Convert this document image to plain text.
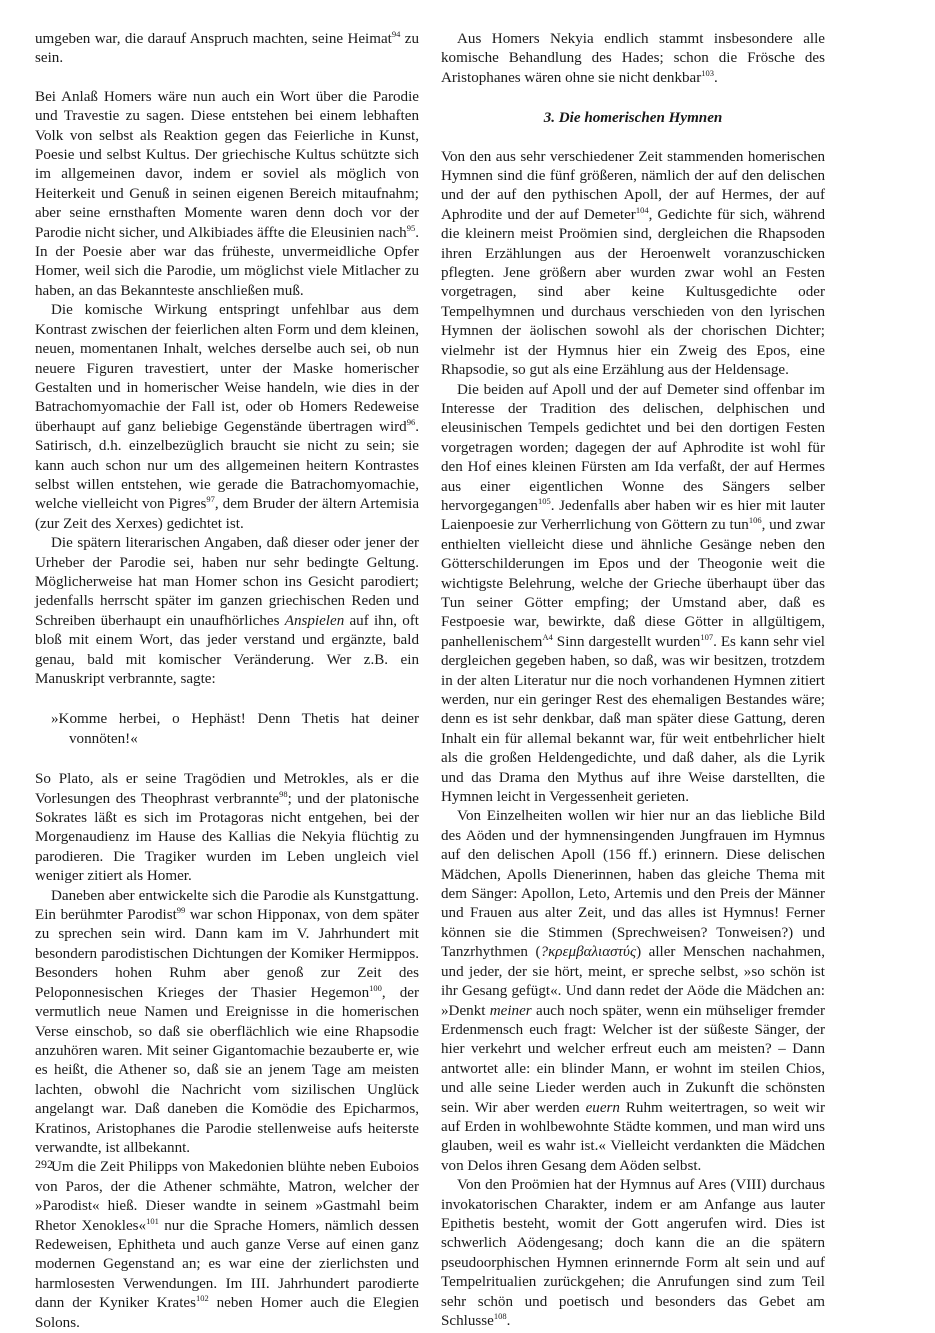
umgeben war, die darauf Anspruch machten, seine Heimat$^{94}$ zu sein.

Bei Anlaß Homers wäre nun auch ein Wort über die Parodie und Travestie zu sagen. Diese entstehen bei einem lebhaften Volk von selbst als Reaktion gegen das Feierliche in Kunst, Poesie und selbst Kultus. Der griechische Kultus schützte sich im allgemeinen davor, indem er soviel als möglich von Heiterkeit und Genuß in seinen eigenen Bereich mitaufnahm; aber seine ernsthaften Momente waren denn doch vor der Parodie nicht sicher, und Alkibiades äffte die Eleusinien nach$^{95}$. In der Poesie aber war das früheste, unvermeidliche Opfer Homer, weil sich die Parodie, um möglichst viele Mitlacher zu haben, an das Bekannteste anschließen muß.

Die komische Wirkung entspringt unfehlbar aus dem Kontrast zwischen der feierlichen alten Form und dem kleinen, neuen, momentanen Inhalt, welches derselbe auch sei, ob nun neuere Figuren travestiert, unter der Maske homerischer Gestalten und in homerischer Weise handeln, wie dies in der Batrachomyomachie der Fall ist, oder ob Homers Redeweise überhaupt auf ganz beliebige Gegenstände übertragen wird$^{96}$. Satirisch, d.h. einzelbezüglich braucht sie nicht zu sein; sie kann auch schon nur um des allgemeinen heitern Kontrastes selbst willen entstehen, wie gerade die Batrachomyomachie, welche vielleicht von Pigres$^{97}$, dem Bruder der ältern Artemisia (zur Zeit des Xerxes) gedichtet ist.

Die spätern literarischen Angaben, daß dieser oder jener der Urheber der Parodie sei, haben nur sehr bedingte Geltung. Möglicherweise hat man Homer schon ins Gesicht parodiert; jedenfalls herrscht später im ganzen griechischen Reden und Schreiben überhaupt ein unaufhörliches Anspielen auf ihn, oft bloß mit einem Wort, das jeder verstand und ergänzte, bald genau, bald mit komischer Veränderung. Wer z.B. ein Manuskript verbrannte, sagte:

»Komme herbei, o Hephäst! Denn Thetis hat deiner vonnöten!«

So Plato, als er seine Tragödien und Metrokles, als er die Vorlesungen des Theophrast verbrannte$^{98}$; und der platonische Sokrates läßt es sich im Protagoras nicht entgehen, bei der Morgenaudienz im Hause des Kallias die Nekyia flüchtig zu parodieren. Die Tragiker wurden im Leben ungleich viel weniger zitiert als Homer.

Daneben aber entwickelte sich die Parodie als Kunstgattung. Ein berühmter Parodist$^{99}$ war schon Hipponax, von dem später zu sprechen sein wird. Dann kam im V. Jahrhundert mit besondern parodistischen Dichtungen der Komiker Hermippos. Besonders hohen Ruhm aber genoß zur Zeit des Peloponnesischen Krieges der Thasier Hegemon$^{100}$, der vermutlich neue Namen und Ereignisse in die homerischen Verse einschob, so daß sie oberflächlich wie eine Rhapsodie anzuhören waren. Mit seiner Gigantomachie bezauberte er, wie es heißt, die Athener so, daß sie an jenem Tage am meisten lachten, obwohl die Nachricht vom sizilischen Unglück angelangt war. Daß daneben die Komödie des Epicharmos, Kratinos, Aristophanes die Parodie stellenweise aufs heiterste verwandte, ist allbekannt.

Um die Zeit Philipps von Makedonien blühte neben Euboios von Paros, der die Athener schmähte, Matron, welcher der »Parodist« hieß. Dieser wandte in seinem »Gastmahl beim Rhetor Xenokles«$^{101}$ nur die Sprache Homers, nämlich dessen Redeweisen, Ephitheta und auch ganze Verse auf einen ganz modernen Gegenstand an; es war eine der zierlichsten und harmlosesten Verwendungen. Im III. Jahrhundert parodierte dann der Kyniker Krates$^{102}$ neben Homer auch die Elegien Solons.

Aus Homers Nekyia endlich stammt insbesondere alle komische Behandlung des Hades; schon die Frösche des Aristophanes wären ohne sie nicht denkbar$^{103}$.

3. Die homerischen Hymnen

Von den aus sehr verschiedener Zeit stammenden homerischen Hymnen sind die fünf größeren, nämlich der auf den delischen und der auf den pythischen Apoll, der auf Hermes, der auf Aphrodite und der auf Demeter$^{104}$, Gedichte für sich, während die kleinern meist Proömien sind, dergleichen die Rhapsoden ihren Erzählungen aus der Heroenwelt voranzuschicken pflegten. Jene größern aber wurden zwar wohl an Festen vorgetragen, sind aber keine Kultusgedichte oder Tempelhymnen und durchaus verschieden von den lyrischen Hymnen der äolischen sowohl als der chorischen Dichter; vielmehr ist der Hymnus hier ein Zweig des Epos, eine Rhapsodie, so gut als eine Erzählung aus der Heldensage.

Die beiden auf Apoll und der auf Demeter sind offenbar im Interesse der Tradition des delischen, delphischen und eleusinischen Tempels gedichtet und bei den dortigen Festen vorgetragen worden; dagegen der auf Aphrodite ist wohl für den Hof eines kleinen Fürsten am Ida verfaßt, der auf Hermes aus einer eigentlichen Wonne des Sängers selber hervorgegangen$^{105}$. Jedenfalls aber haben wir es hier mit lauter Laienpoesie zur Verherrlichung von Göttern zu tun$^{106}$, und zwar enthielten vielleicht diese und ähnliche Gesänge neben den Götterschilderungen im Epos und der Theogonie weit die wichtigste Belehrung, welche der Grieche überhaupt über das Tun seiner Götter empfing; der Umstand aber, daß es Festpoesie war, bewirkte, daß diese Götter in allgültigem, panhellenischem$^{A4}$ Sinn dargestellt wurden$^{107}$. Es kann sehr viel dergleichen gegeben haben, so daß, was wir besitzen, trotzdem in der alten Literatur nur die noch vorhandenen Hymnen zitiert werden, nur ein geringer Rest des ehemaligen Bestandes wäre; denn es ist sehr denkbar, daß man später diese Gattung, deren Inhalt ein für allemal bekannt war, für weit entbehrlicher hielt als die großen Heldengedichte, und daß daher, als die Lyrik und das Drama den Mythus auf ihre Weise darstellten, die Hymnen leicht in Vergessenheit gerieten.

Von Einzelheiten wollen wir hier nur an das liebliche Bild des Aöden und der hymnensingenden Jungfrauen im Hymnus auf den delischen Apoll (156 ff.) erinnern. Diese delischen Mädchen, Apolls Dienerinnen, haben das gleiche Thema mit dem Sänger: Apollon, Leto, Artemis und den Preis der Männer und Frauen aus alter Zeit, und das alles ist Hymnus! Ferner können sie die Stimmen (Sprechweisen? Tonweisen?) und Tanzrhythmen (?κρεμβαλιαστύς) aller Menschen nachahmen, und jeder, der sie hört, meint, er spreche selbst, »so schön ist ihr Gesang gefügt«. Und dann redet der Aöde die Mädchen an: »Denkt meiner auch noch später, wenn ein mühseliger fremder Erdenmensch euch fragt: Welcher ist der süßeste Sänger, der hier verkehrt und welcher erfreut euch am meisten? – Dann antwortet alle: ein blinder Mann, er wohnt im steilen Chios, und alle seine Lieder werden auch in Zukunft die schönsten sein. Wir aber werden euern Ruhm weitertragen, so weit wir auf Erden in wohlbewohnte Städte kommen, und man wird uns glauben, weil es wahr ist.« Vielleicht verdankten die Mädchen von Delos ihren Gesang dem Aöden selbst.

Von den Proömien hat der Hymnus auf Ares (VIII) durchaus invokatorischen Charakter, indem er am Anfange aus lauter Epithetis besteht, womit der Gott angerufen wird. Dies ist schwerlich Aödengesang; doch kann die an die spätern pseudoorphischen Hymnen erinnernde Form alt sein und auf Tempelritualien zurückgehen; die Anrufungen sind zum Teil sehr schön und poetisch und besonders das Gebet am Schlusse$^{108}$.

292
